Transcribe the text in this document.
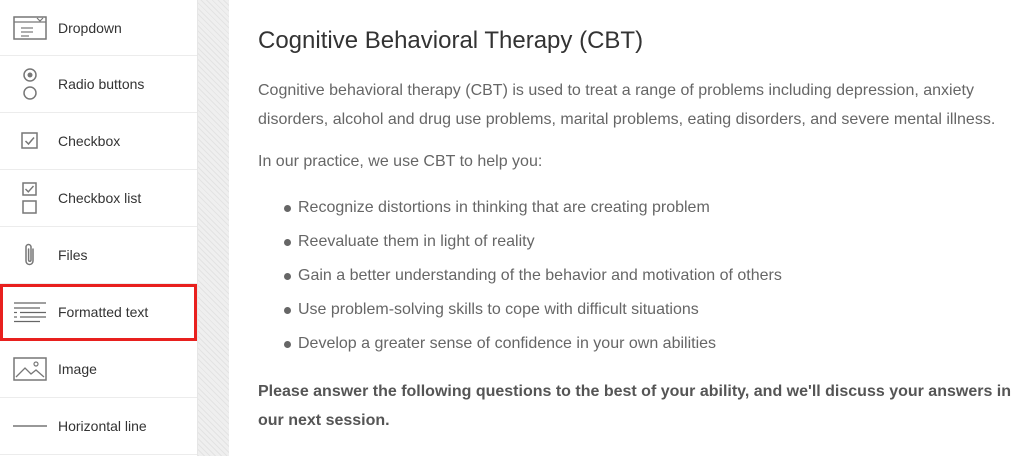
Dropdown
Radio buttons
Checkbox
Checkbox list
Files
Formatted text
Image
Horizontal line
Cognitive Behavioral Therapy (CBT)

Cognitive behavioral therapy (CBT) is used to treat a range of problems including depression, anxiety disorders, alcohol and drug use problems, marital problems, eating disorders, and severe mental illness.

In our practice, we use CBT to help you:

Recognize distortions in thinking that are creating problem
Reevaluate them in light of reality
Gain a better understanding of the behavior and motivation of others
Use problem-solving skills to cope with difficult situations
Develop a greater sense of confidence in your own abilities

Please answer the following questions to the best of your ability, and we'll discuss your answers in our next session.
